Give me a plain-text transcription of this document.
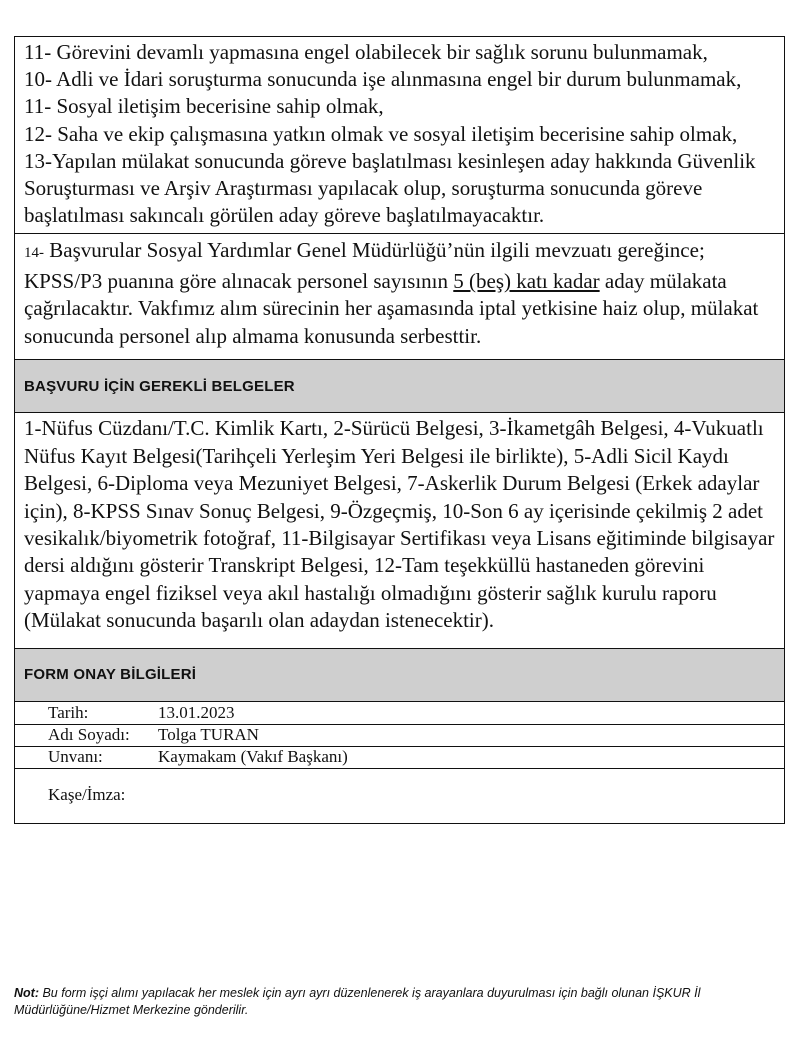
11- Görevini devamlı yapmasına engel olabilecek bir sağlık sorunu bulunmamak,
10- Adli ve İdari soruşturma sonucunda işe alınmasına engel bir durum bulunmamak,
11- Sosyal iletişim becerisine sahip olmak,
12- Saha ve ekip çalışmasına yatkın olmak ve sosyal iletişim becerisine sahip olmak,
13-Yapılan mülakat sonucunda göreve başlatılması kesinleşen aday hakkında Güvenlik Soruşturması ve Arşiv Araştırması yapılacak olup, soruşturma sonucunda göreve başlatılması sakıncalı görülen aday göreve başlatılmayacaktır.
14- Başvurular Sosyal Yardımlar Genel Müdürlüğü’nün ilgili mevzuatı gereğince; KPSS/P3 puanına göre alınacak personel sayısının 5 (beş) katı kadar aday mülakata çağrılacaktır. Vakfımız alım sürecinin her aşamasında iptal yetkisine haiz olup, mülakat sonucunda personel alıp almama konusunda serbesttir.
BAŞVURU İÇİN GEREKLİ BELGELER
1-Nüfus Cüzdanı/T.C. Kimlik Kartı, 2-Sürücü Belgesi, 3-İkametgâh Belgesi, 4-Vukuatlı Nüfus Kayıt Belgesi(Tarihçeli Yerleşim Yeri Belgesi ile birlikte), 5-Adli Sicil Kaydı Belgesi, 6-Diploma veya Mezuniyet Belgesi, 7-Askerlik Durum Belgesi (Erkek adaylar için), 8-KPSS Sınav Sonuç Belgesi, 9-Özgeçmiş, 10-Son 6 ay içerisinde çekilmiş 2 adet vesikalık/biyometrik fotoğraf, 11-Bilgisayar Sertifikası veya Lisans eğitiminde bilgisayar dersi aldığını gösterir Transkript Belgesi, 12-Tam teşekküllü hastaneden görevini yapmaya engel fiziksel veya akıl hastalığı olmadığını gösterir sağlık kurulu raporu (Mülakat sonucunda başarılı olan adaydan istenecektir).
FORM ONAY BİLGİLERİ
Tarih:	13.01.2023
Adı Soyadı:	Tolga TURAN
Unvanı:	Kaymakam (Vakıf Başkanı)
Kaşe/İmza:
Not: Bu form işçi alımı yapılacak her meslek için ayrı ayrı düzenlenerek iş arayanlara duyurulması için bağlı olunan İŞKUR İl Müdürlüğüne/Hizmet Merkezine gönderilir.
